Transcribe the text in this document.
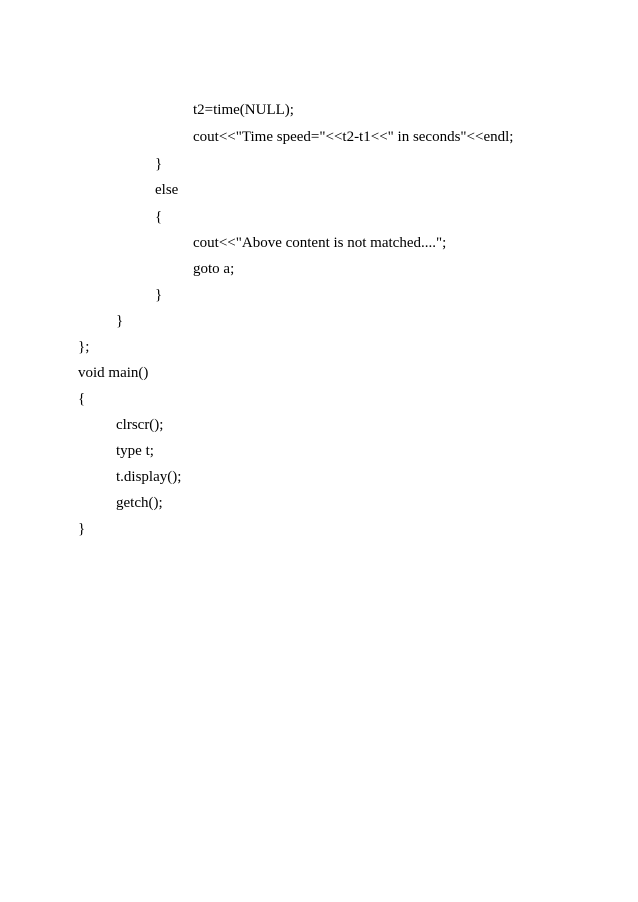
t2=time(NULL);
cout<<"Time speed="<<t2-t1<<" in seconds"<<endl;
}
else
{
cout<<"Above content is not matched....";
goto a;
}
}
};
void main()
{
clrscr();
type t;
t.display();
getch();
}
